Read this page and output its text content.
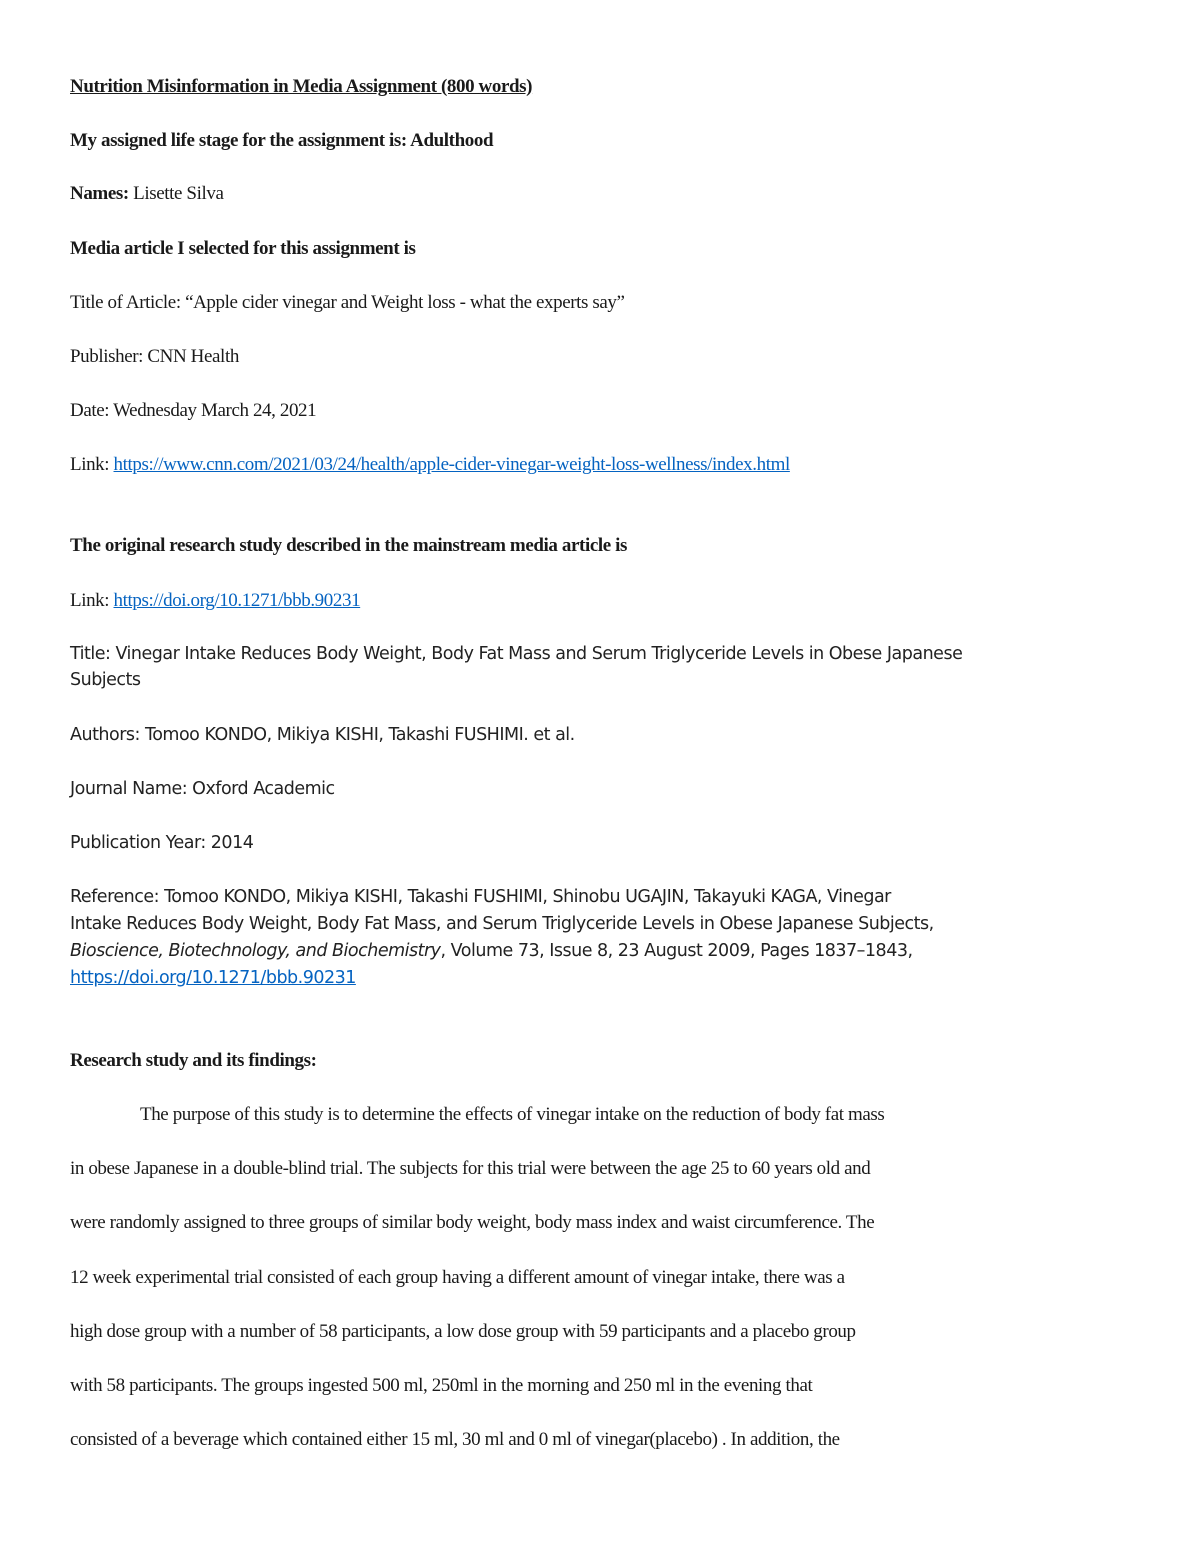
Nutrition Misinformation in Media Assignment (800 words)

My assigned life stage for the assignment is: Adulthood

Names: Lisette Silva

Media article I selected for this assignment is

Title of Article: “Apple cider vinegar and Weight loss - what the experts say”

Publisher: CNN Health

Date: Wednesday March 24, 2021

Link: https://www.cnn.com/2021/03/24/health/apple-cider-vinegar-weight-loss-wellness/index.html

The original research study described in the mainstream media article is

Link: https://doi.org/10.1271/bbb.90231

Title: Vinegar Intake Reduces Body Weight, Body Fat Mass and Serum Triglyceride Levels in Obese Japanese

Subjects

Authors: Tomoo KONDO, Mikiya KISHI, Takashi FUSHIMI. et al.

Journal Name: Oxford Academic

Publication Year: 2014

Reference: Tomoo KONDO, Mikiya KISHI, Takashi FUSHIMI, Shinobu UGAJIN, Takayuki KAGA, Vinegar

Intake Reduces Body Weight, Body Fat Mass, and Serum Triglyceride Levels in Obese Japanese Subjects,

Bioscience, Biotechnology, and Biochemistry, Volume 73, Issue 8, 23 August 2009, Pages 1837–1843,

https://doi.org/10.1271/bbb.90231

Research study and its findings:

The purpose of this study is to determine the effects of vinegar intake on the reduction of body fat mass

in obese Japanese in a double-blind trial. The subjects for this trial were between the age 25 to 60 years old and

were randomly assigned to three groups of similar body weight, body mass index and waist circumference. The

12 week experimental trial consisted of each group having a different amount of vinegar intake, there was a

high dose group with a number of 58 participants, a low dose group with 59 participants and a placebo group

with 58 participants. The groups ingested 500 ml, 250ml in the morning and 250 ml in the evening that

consisted of a beverage which contained either 15 ml, 30 ml and 0 ml of vinegar(placebo) . In addition, the
